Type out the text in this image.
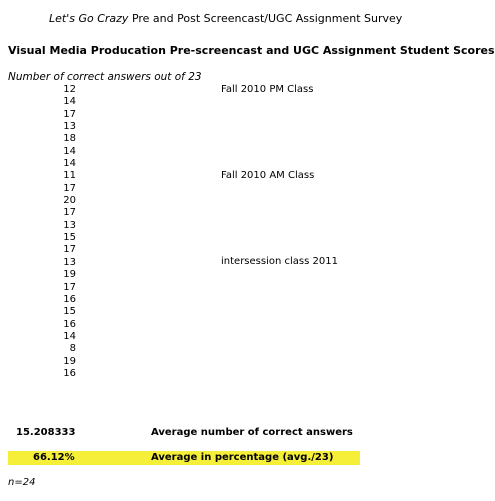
Let's Go Crazy Pre and Post Screencast/UGC Assignment Survey
Visual Media Producation Pre-screencast and UGC Assignment Student Scores
Number of correct answers out of 23
12
14
17
13
18
14
14
11
17
20
17
13
15
17
13
19
17
16
15
16
14
8
19
16
Fall 2010 PM Class
Fall 2010 AM Class
intersession class 2011
15.208333	Average number of correct answers
66.12%	Average in percentage (avg./23)
n=24
